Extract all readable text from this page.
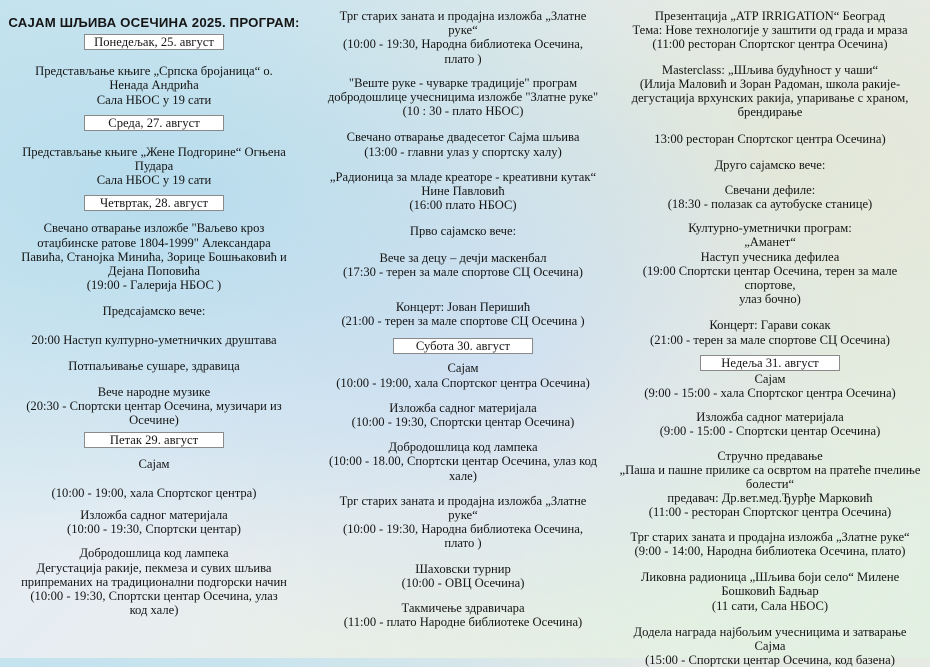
САЈАМ ШЉИВА ОСЕЧИНА 2025. ПРОГРАМ:
Понедељак, 25. август

Представљање књиге „Српска бројаница“ о.

Ненада Андрића

Сала НБОС у 19 сати

Среда, 27. август

Представљање књиге „Жене Подгорине“ Огњена

Пудара

Сала НБОС у 19 сати

Четвртак, 28. август

Свечано отварање изложбе "Ваљево кроз

отаџбинске ратове 1804-1999" Александара

Павића, Станојка Минића, Зорице Бошњаковић и

Дејана Поповића

(19:00 - Галерија НБОС )

Предсајамско вече:

20:00 Наступ културно-уметничких друштава

Потпаљивање сушаре, здравица

Вече народне музике

(20:30 - Спортски центар Осечина, музичари из

Осечине)

Петак 29. август

Сајам

(10:00 - 19:00, хала Спортског центра)

Изложба садног материјала

(10:00 - 19:30, Спортски центар)

Добродошлица код лампека

Дегустација ракије, пекмеза и сувих шљива

припреманих на традиционални подгорски начин

(10:00 - 19:30, Спортски центар Осечина, улаз

код хале)

Трг старих заната и продајна изложба „Златне

руке“

(10:00 - 19:30, Народна библиотека Осечина,

плато )

"Веште руке - чуварке традиције" програм

добродошлице учесницима изложбе "Златне руке"

(10 : 30 - плато НБОС)

Свечано отварање двадесетог Сајма шљива

(13:00 - главни улаз у спортску халу)

„Радионица за младе креаторе - креативни кутак“

Нине Павловић

(16:00 плато НБОС)

Прво сајамско вече:

Вече за децу – дечји маскенбал

(17:30 - терен за мале спортове СЦ Осечина)

Концерт: Јован Перишић

(21:00 - терен за мале спортове СЦ Осечина )

Субота 30. август

Сајам

(10:00 - 19:00, хала Спортског центра Осечина)

Изложба садног материјала

(10:00 - 19:30, Спортски центар Осечина)

Добродошлица код лампека

(10:00 - 18.00, Спортски центар Осечина, улаз код

хале)

Трг старих заната и продајна изложба „Златне

руке“

(10:00 - 19:30, Народна библиотека Осечина,

плато )

Шаховски турнир

(10:00 - ОВЦ Осечина)

Такмичење здравичара

(11:00 - плато Народне библиотеке Осечина)

Презентација „АТР IRRIGATION“ Београд

Тема: Нове технологије у заштити од града и мраза

(11:00 ресторан Спортског центра Осечина)

Masterclass: „Шљива будућност у чаши“

(Илија Маловић и Зоран Радоман, школа ракије-

дегустација врхунских ракија, упаривање с храном,

брендирање

13:00 ресторан Спортског центра Осечина)

Друго сајамско вече:

Свечани дефиле:

(18:30 - полазак са аутобуске станице)

Културно-уметнички програм:

„Аманет“

Наступ учесника дефилеа

(19:00 Спортски центар Осечина, терен за мале спортове,

улаз бочно)

Концерт: Гарави сокак

(21:00 - терен за мале спортове СЦ Осечина)

Недеља 31. август

Сајам

(9:00 - 15:00 - хала Спортског центра Осечина)

Изложба садног материјала

(9:00 - 15:00 - Спортски центар Осечина)

Стручно предавање

„Паша и пашне прилике са освртом на пратеће пчелиње

болести“

предавач: Др.вет.мед.Ђурђе Марковић

(11:00 - ресторан Спортског центра Осечина)

Трг старих заната и продајна изложба „Златне руке“

(9:00 - 14:00, Народна библиотека Осечина, плато)

Ликовна радионица „Шљива боји село“ Милене

Бошковић Бадњар

(11 сати, Сала НБОС)

Додела награда најбољим учесницима и затварање Сајма

(15:00 - Спортски центар Осечина, код базена)
